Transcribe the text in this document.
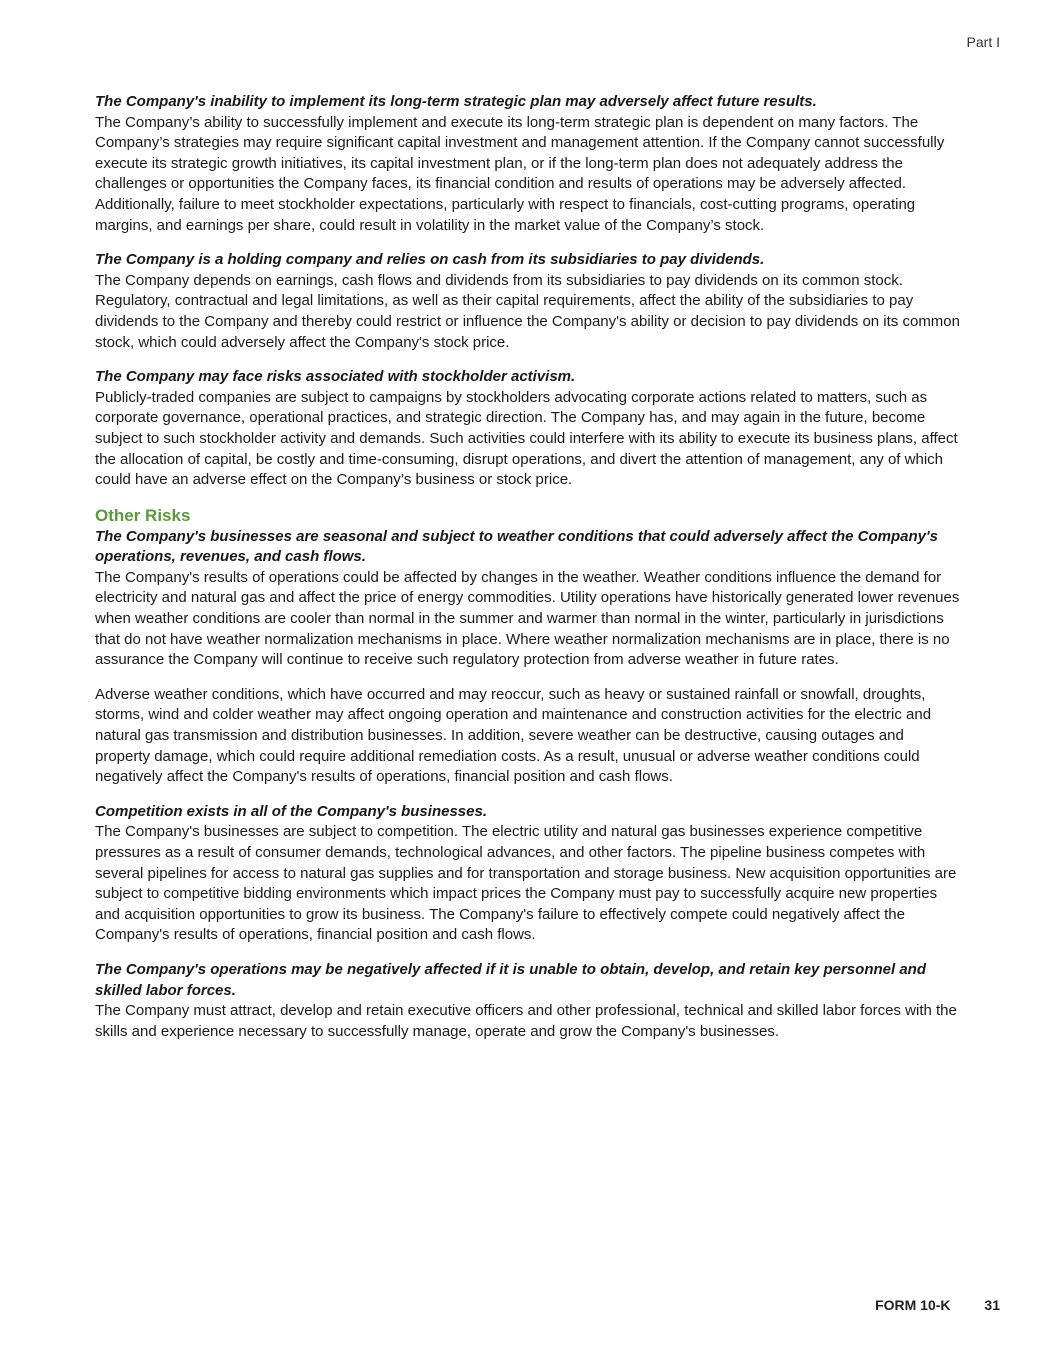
Part I
The Company's inability to implement its long-term strategic plan may adversely affect future results.

The Company’s ability to successfully implement and execute its long-term strategic plan is dependent on many factors. The Company’s strategies may require significant capital investment and management attention. If the Company cannot successfully execute its strategic growth initiatives, its capital investment plan, or if the long-term plan does not adequately address the challenges or opportunities the Company faces, its financial condition and results of operations may be adversely affected. Additionally, failure to meet stockholder expectations, particularly with respect to financials, cost-cutting programs, operating margins, and earnings per share, could result in volatility in the market value of the Company’s stock.

The Company is a holding company and relies on cash from its subsidiaries to pay dividends.

The Company depends on earnings, cash flows and dividends from its subsidiaries to pay dividends on its common stock. Regulatory, contractual and legal limitations, as well as their capital requirements, affect the ability of the subsidiaries to pay dividends to the Company and thereby could restrict or influence the Company's ability or decision to pay dividends on its common stock, which could adversely affect the Company's stock price.

The Company may face risks associated with stockholder activism.

Publicly-traded companies are subject to campaigns by stockholders advocating corporate actions related to matters, such as corporate governance, operational practices, and strategic direction. The Company has, and may again in the future, become subject to such stockholder activity and demands. Such activities could interfere with its ability to execute its business plans, affect the allocation of capital, be costly and time-consuming, disrupt operations, and divert the attention of management, any of which could have an adverse effect on the Company’s business or stock price.

Other Risks
The Company's businesses are seasonal and subject to weather conditions that could adversely affect the Company's operations, revenues, and cash flows.

The Company's results of operations could be affected by changes in the weather. Weather conditions influence the demand for electricity and natural gas and affect the price of energy commodities. Utility operations have historically generated lower revenues when weather conditions are cooler than normal in the summer and warmer than normal in the winter, particularly in jurisdictions that do not have weather normalization mechanisms in place. Where weather normalization mechanisms are in place, there is no assurance the Company will continue to receive such regulatory protection from adverse weather in future rates.

Adverse weather conditions, which have occurred and may reoccur, such as heavy or sustained rainfall or snowfall, droughts, storms, wind and colder weather may affect ongoing operation and maintenance and construction activities for the electric and natural gas transmission and distribution businesses. In addition, severe weather can be destructive, causing outages and property damage, which could require additional remediation costs. As a result, unusual or adverse weather conditions could negatively affect the Company's results of operations, financial position and cash flows.

Competition exists in all of the Company's businesses.

The Company's businesses are subject to competition. The electric utility and natural gas businesses experience competitive pressures as a result of consumer demands, technological advances, and other factors. The pipeline business competes with several pipelines for access to natural gas supplies and for transportation and storage business. New acquisition opportunities are subject to competitive bidding environments which impact prices the Company must pay to successfully acquire new properties and acquisition opportunities to grow its business. The Company's failure to effectively compete could negatively affect the Company's results of operations, financial position and cash flows.

The Company's operations may be negatively affected if it is unable to obtain, develop, and retain key personnel and skilled labor forces.

The Company must attract, develop and retain executive officers and other professional, technical and skilled labor forces with the skills and experience necessary to successfully manage, operate and grow the Company's businesses.

FORM 10-K 31
